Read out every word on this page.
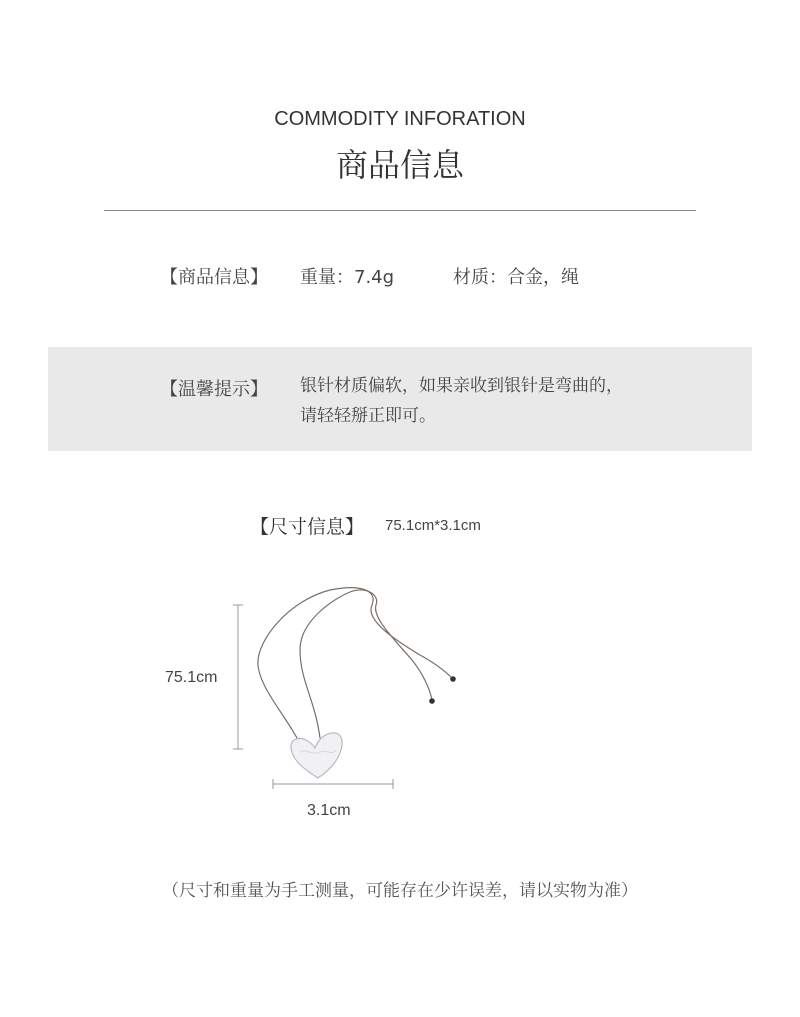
COMMODITY INFORATION
商品信息
【商品信息】 重量：7.4g	材质：合金，绳
【温馨提示】 银针材质偏软，如果亲收到银针是弯曲的，
请轻轻掰正即可。
【尺寸信息】 75.1cm*3.1cm
75.1cm
3.1cm
（尺寸和重量为手工测量，可能存在少许误差，请以实物为准）
